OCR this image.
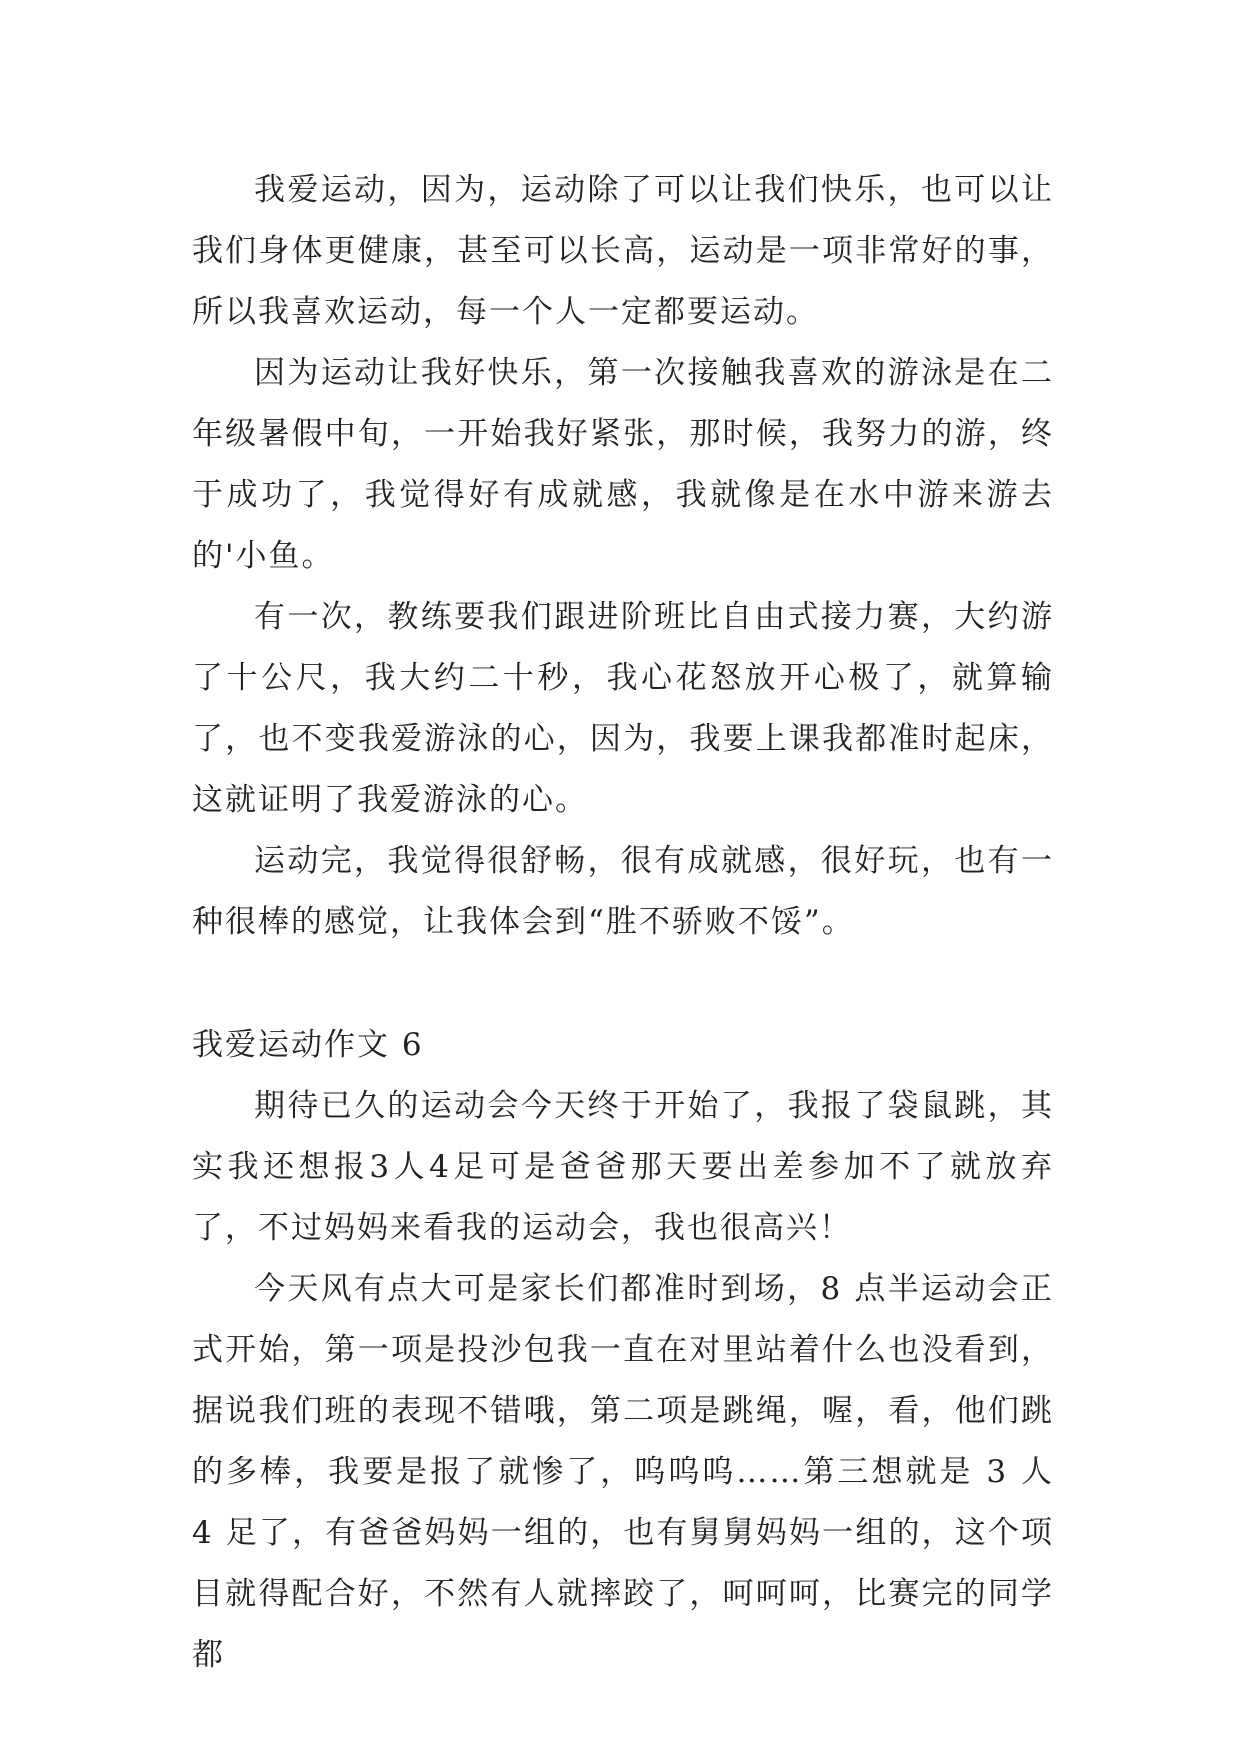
我爱运动，因为，运动除了可以让我们快乐，也可以让我们身体更健康，甚至可以长高，运动是一项非常好的事，所以我喜欢运动，每一个人一定都要运动。

因为运动让我好快乐，第一次接触我喜欢的游泳是在二年级暑假中旬，一开始我好紧张，那时候，我努力的游，终于成功了，我觉得好有成就感，我就像是在水中游来游去的'小鱼。

有一次，教练要我们跟进阶班比自由式接力赛，大约游了十公尺，我大约二十秒，我心花怒放开心极了，就算输了，也不变我爱游泳的心，因为，我要上课我都准时起床，这就证明了我爱游泳的心。

运动完，我觉得很舒畅，很有成就感，很好玩，也有一种很棒的感觉，让我体会到“胜不骄败不馁”。

我爱运动作文 6

期待已久的运动会今天终于开始了，我报了袋鼠跳，其实我还想报3人4足可是爸爸那天要出差参加不了就放弃了，不过妈妈来看我的运动会，我也很高兴！

今天风有点大可是家长们都准时到场，8 点半运动会正式开始，第一项是投沙包我一直在对里站着什么也没看到，据说我们班的表现不错哦，第二项是跳绳，喔，看，他们跳的多棒，我要是报了就惨了，呜呜呜……第三想就是 3 人 4 足了，有爸爸妈妈一组的，也有舅舅妈妈一组的，这个项目就得配合好，不然有人就摔跤了，呵呵呵，比赛完的同学都
